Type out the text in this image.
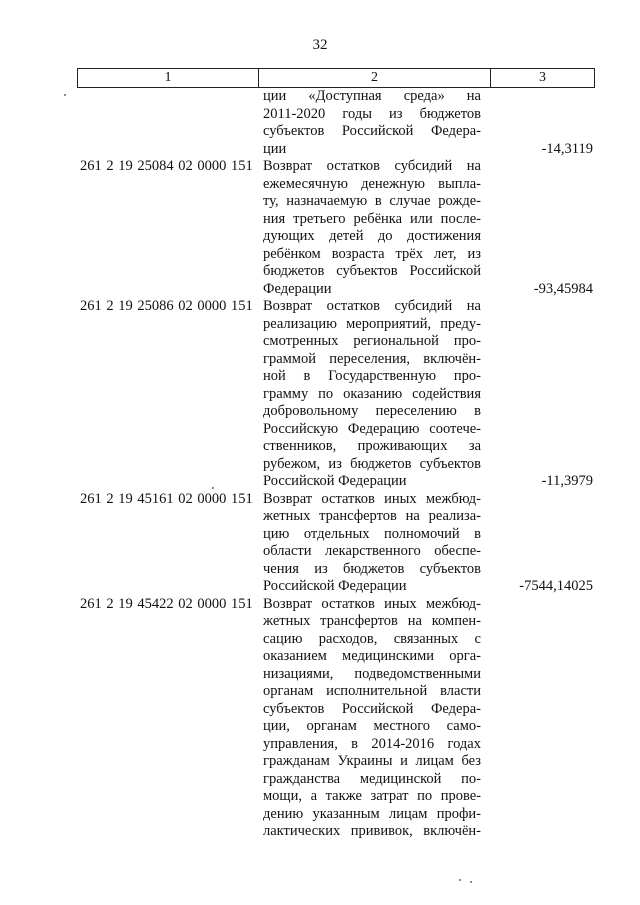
32
1	2	3
ции «Доступная среда» на
2011-2020 годы из бюджетов
субъектов Российской Федера-
ции	-14,3119
261 2 19 25084 02 0000 151 Возврат остатков субсидий на
ежемесячную денежную выпла-
ту, назначаемую в случае рожде-
ния третьего ребёнка или после-
дующих детей до достижения
ребёнком возраста трёх лет, из
бюджетов субъектов Российской
Федерации	-93,45984
261 2 19 25086 02 0000 151 Возврат остатков субсидий на
реализацию мероприятий, преду-
смотренных региональной про-
граммой переселения, включён-
ной в Государственную про-
грамму по оказанию содействия
добровольному переселению в
Российскую Федерацию соотече-
ственников, проживающих за
рубежом, из бюджетов субъектов
Российской Федерации	-11,3979
261 2 19 45161 02 0000 151 Возврат остатков иных межбюд-
жетных трансфертов на реализа-
цию отдельных полномочий в
области лекарственного обеспе-
чения из бюджетов субъектов
Российской Федерации	-7544,14025
261 2 19 45422 02 0000 151 Возврат остатков иных межбюд-
жетных трансфертов на компен-
сацию расходов, связанных с
оказанием медицинскими орга-
низациями, подведомственными
органам исполнительной власти
субъектов Российской Федера-
ции, органам местного само-
управления, в 2014-2016 годах
гражданам Украины и лицам без
гражданства медицинской по-
мощи, а также затрат по прове-
дению указанным лицам профи-
лактических прививок, включён-
